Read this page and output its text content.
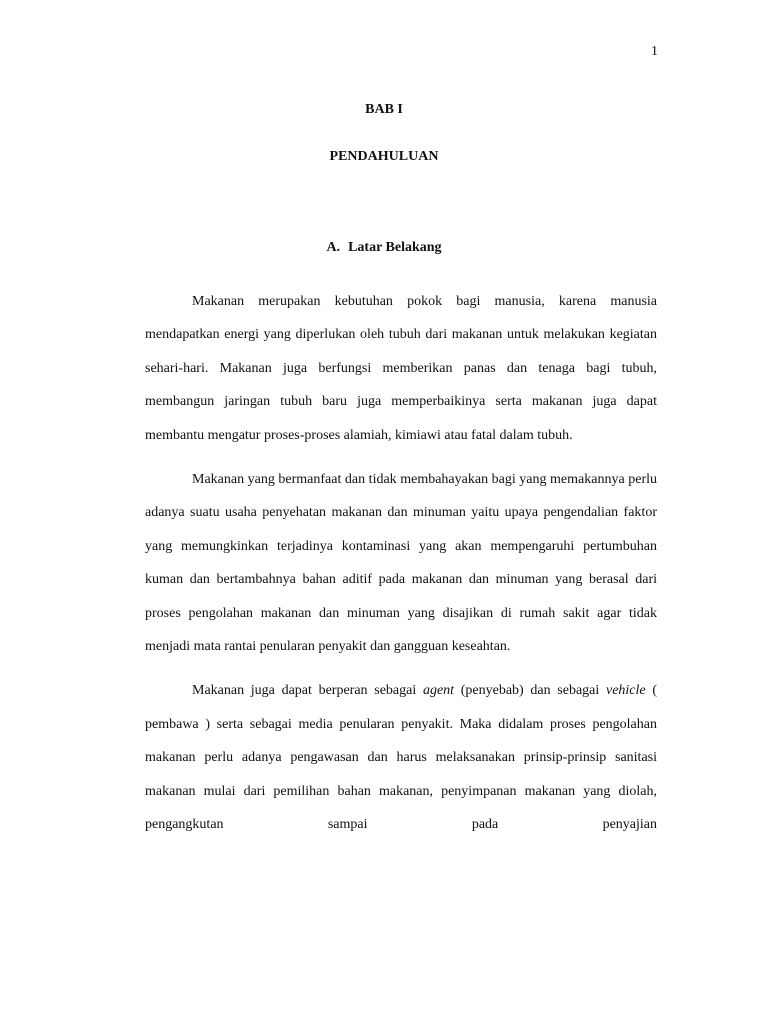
1
BAB I
PENDAHULUAN
A. Latar Belakang

Makanan merupakan kebutuhan pokok bagi manusia, karena manusia mendapatkan energi yang diperlukan oleh tubuh dari makanan untuk melakukan kegiatan sehari-hari. Makanan juga berfungsi memberikan panas dan tenaga bagi tubuh, membangun jaringan tubuh baru juga memperbaikinya serta makanan juga dapat membantu mengatur proses-proses alamiah, kimiawi atau fatal dalam tubuh.

Makanan yang bermanfaat dan tidak membahayakan bagi yang memakannya perlu adanya suatu usaha penyehatan makanan dan minuman yaitu upaya pengendalian faktor yang memungkinkan terjadinya kontaminasi yang akan mempengaruhi pertumbuhan kuman dan bertambahnya bahan aditif pada makanan dan minuman yang berasal dari proses pengolahan makanan dan minuman yang disajikan di rumah sakit agar tidak menjadi mata rantai penularan penyakit dan gangguan keseahtan.

Makanan juga dapat berperan sebagai agent (penyebab) dan sebagai vehicle ( pembawa ) serta sebagai media penularan penyakit. Maka didalam proses pengolahan makanan perlu adanya pengawasan dan harus melaksanakan prinsip-prinsip sanitasi makanan mulai dari pemilihan bahan makanan, penyimpanan makanan yang diolah, pengangkutan sampai pada penyajian
